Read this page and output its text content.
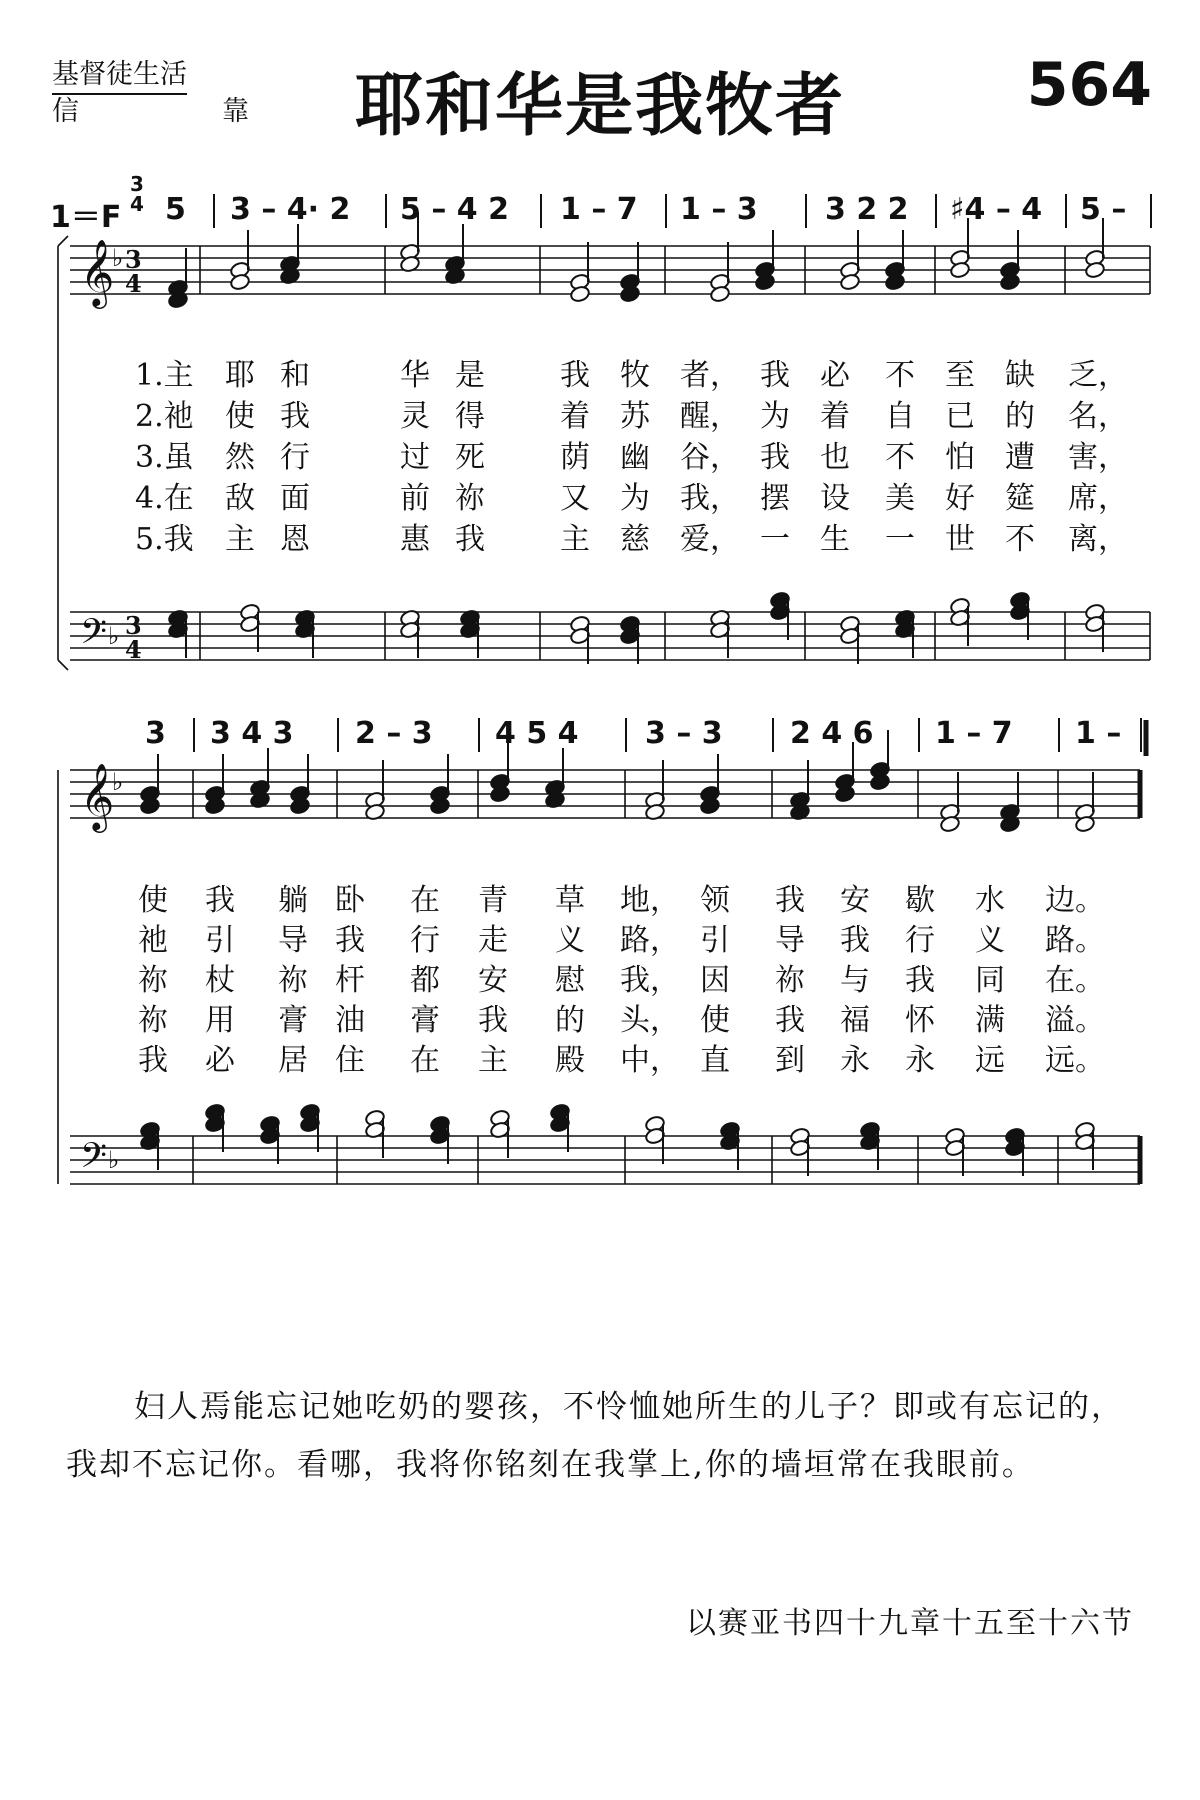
基督徒生活
信　靠 耶和华是我牧者	564
1＝F
3
4 5 3 – 4· 2 5 – 4 2 1 – 7 1 – 3 3 2 2 ♯4 – 4 5 –
3 3 4 3 2 – 3 4 5 4 3 – 3 2 4 6 1 – 7 1 –
𝄞
𝄞
𝄢
𝄢
3
4
3
4
♭
♭
♭
♭
1.主 耶 和	华 是	我 牧 者， 我 必 不 至 缺 乏，
2.祂 使 我	灵 得	着 苏 醒， 为 着 自 已 的 名，
3.虽 然 行	过 死	荫 幽 谷， 我 也 不 怕 遭 害，
4.在 敌 面	前 祢	又 为 我， 摆 设 美 好 筵 席，
5.我 主 恩	惠 我	主 慈 爱， 一 生 一 世 不 离，
使 我 躺 卧 在 青 草 地， 领 我 安 歇 水 边。
祂 引 导 我 行 走 义 路， 引 导 我 行 义 路。
祢 杖 祢 杆 都 安 慰 我， 因 祢 与 我 同 在。
祢 用 膏 油 膏 我 的 头， 使 我 福 怀 满 溢。
我 必 居 住 在 主 殿 中， 直 到 永 永 远 远。
妇人焉能忘记她吃奶的婴孩，不怜恤她所生的儿子？即或有忘记的，我却不忘记你。看哪，我将你铭刻在我掌上,你的墙垣常在我眼前。
以赛亚书四十九章十五至十六节
